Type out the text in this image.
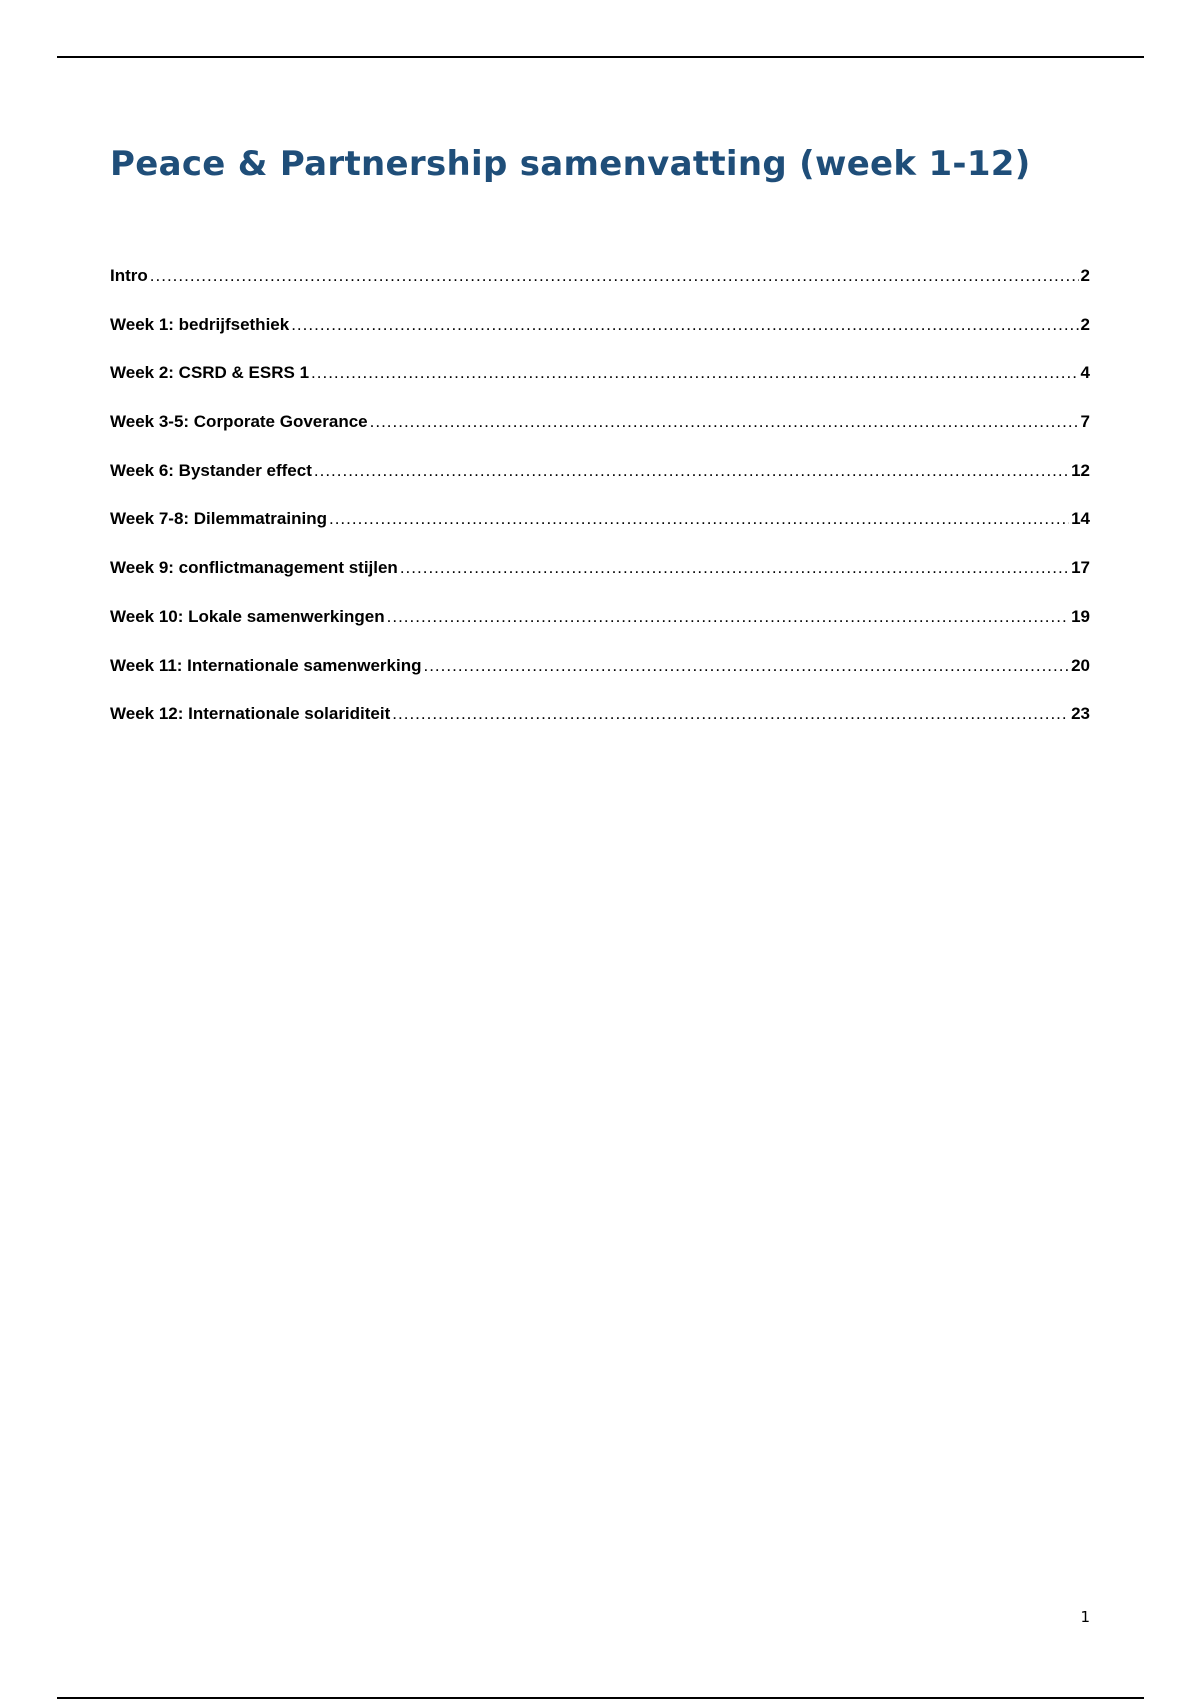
Peace & Partnership samenvatting (week 1-12)
Intro .....	2
Week 1: bedrijfsethiek .....	2
Week 2: CSRD & ESRS 1 .....	4
Week 3-5: Corporate Goverance .....	7
Week 6: Bystander effect .....	12
Week 7-8: Dilemmatraining .....	14
Week 9: conflictmanagement stijlen .....	17
Week 10: Lokale samenwerkingen .....	19
Week 11: Internationale samenwerking .....	20
Week 12: Internationale solariditeit .....	23
1
